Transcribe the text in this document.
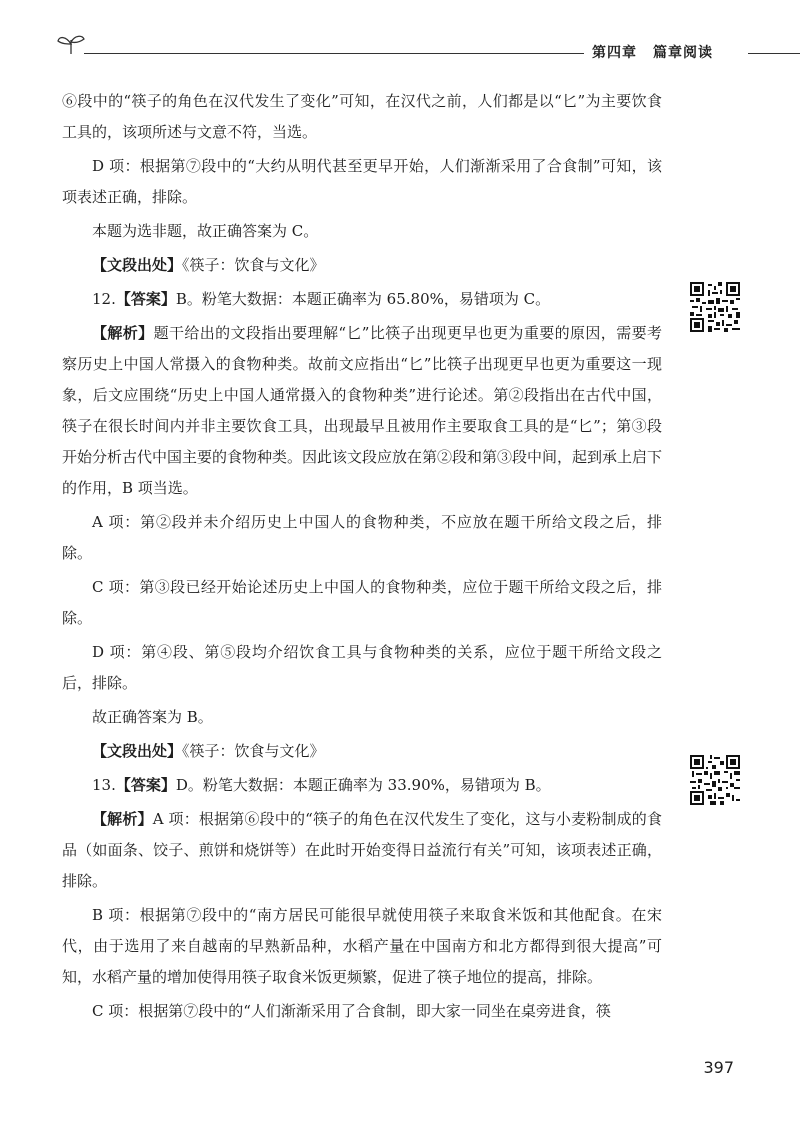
第四章 篇章阅读

⑥段中的“筷子的角色在汉代发生了变化”可知，在汉代之前，人们都是以“匕”为主要饮食工具的，该项所述与文意不符，当选。

D 项：根据第⑦段中的“大约从明代甚至更早开始，人们渐渐采用了合食制”可知，该项表述正确，排除。

本题为选非题，故正确答案为 C。

【文段出处】《筷子：饮食与文化》

12.【答案】B。粉笔大数据：本题正确率为 65.80%，易错项为 C。

【解析】题干给出的文段指出要理解“匕”比筷子出现更早也更为重要的原因，需要考察历史上中国人常摄入的食物种类。故前文应指出“匕”比筷子出现更早也更为重要这一现象，后文应围绕“历史上中国人通常摄入的食物种类”进行论述。第②段指出在古代中国，筷子在很长时间内并非主要饮食工具，出现最早且被用作主要取食工具的是“匕”；第③段开始分析古代中国主要的食物种类。因此该文段应放在第②段和第③段中间，起到承上启下的作用，B 项当选。

A 项：第②段并未介绍历史上中国人的食物种类，不应放在题干所给文段之后，排除。

C 项：第③段已经开始论述历史上中国人的食物种类，应位于题干所给文段之后，排除。

D 项：第④段、第⑤段均介绍饮食工具与食物种类的关系，应位于题干所给文段之后，排除。

故正确答案为 B。

【文段出处】《筷子：饮食与文化》

13.【答案】D。粉笔大数据：本题正确率为 33.90%，易错项为 B。

【解析】A 项：根据第⑥段中的“筷子的角色在汉代发生了变化，这与小麦粉制成的食品（如面条、饺子、煎饼和烧饼等）在此时开始变得日益流行有关”可知，该项表述正确，排除。

B 项：根据第⑦段中的“南方居民可能很早就使用筷子来取食米饭和其他配食。在宋代，由于选用了来自越南的早熟新品种，水稻产量在中国南方和北方都得到很大提高”可知，水稻产量的增加使得用筷子取食米饭更频繁，促进了筷子地位的提高，排除。

C 项：根据第⑦段中的“人们渐渐采用了合食制，即大家一同坐在桌旁进食，筷

397
